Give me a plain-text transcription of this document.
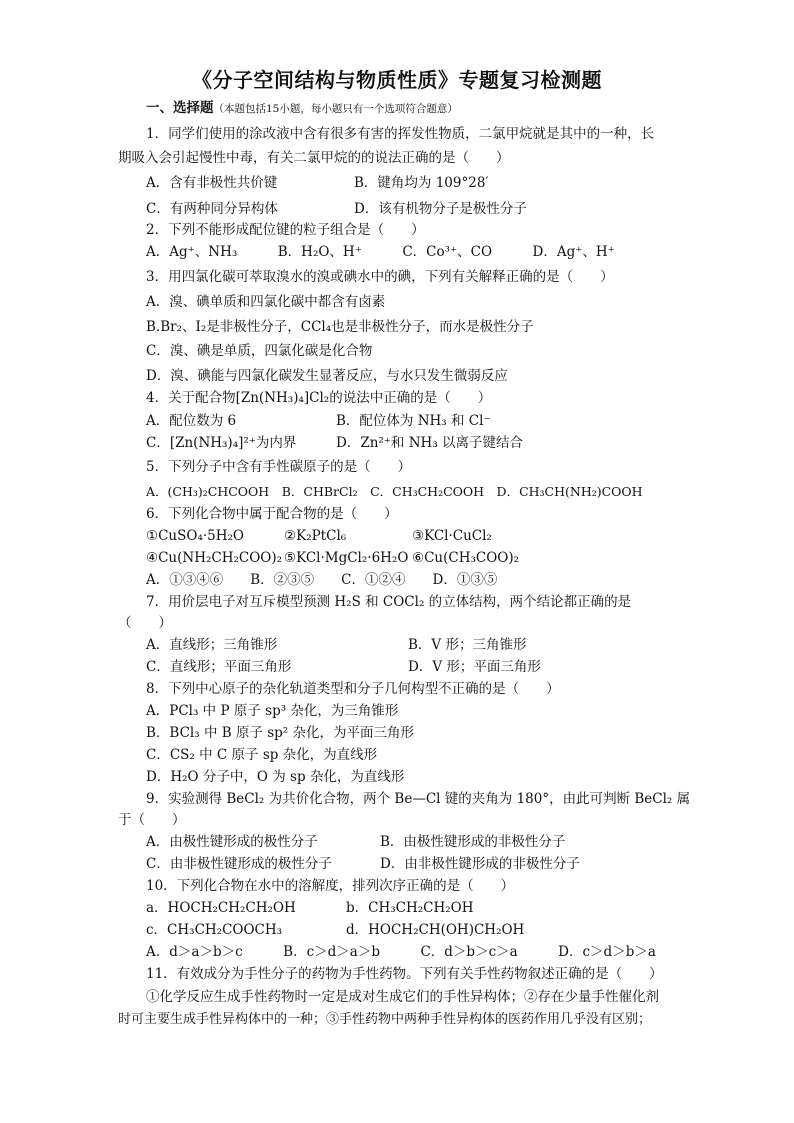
《分子空间结构与物质性质》专题复习检测题
一、选择题（本题包括15小题，每小题只有一个选项符合题意）
1．同学们使用的涂改液中含有很多有害的挥发性物质，二氯甲烷就是其中的一种，长
期吸入会引起慢性中毒，有关二氯甲烷的的说法正确的是（　　）
A．含有非极性共价键	B．键角均为 109°28′
C．有两种同分异构体	D．该有机物分子是极性分子
2．下列不能形成配位键的粒子组合是（　　）
A．Ag⁺、NH₃　　　B．H₂O、H⁺　　　C．Co³⁺、CO　　　D．Ag⁺、H⁺
3．用四氯化碳可萃取溴水的溴或碘水中的碘，下列有关解释正确的是（　　）
A．溴、碘单质和四氯化碳中都含有卤素
B.Br₂、I₂是非极性分子，CCl₄也是非极性分子，而水是极性分子
C．溴、碘是单质，四氯化碳是化合物
D．溴、碘能与四氯化碳发生显著反应，与水只发生微弱反应
4．关于配合物[Zn(NH₃)₄]Cl₂的说法中正确的是（　　）
A．配位数为 6	B．配位体为 NH₃ 和 Cl⁻
C．[Zn(NH₃)₄]²⁺为内界	D．Zn²⁺和 NH₃ 以离子键结合
5．下列分子中含有手性碳原子的是（　　）
A．(CH₃)₂CHCOOH　B．CHBrCl₂　C．CH₃CH₂COOH　D．CH₃CH(NH₂)COOH
6．下列化合物中属于配合物的是（　　）
①CuSO₄·5H₂O	②K₂PtCl₆	③KCl·CuCl₂
④Cu(NH₂CH₂COO)₂ ⑤KCl·MgCl₂·6H₂O ⑥Cu(CH₃COO)₂
A．①③④⑥　　B．②③⑤　　C．①②④　　D．①③⑤
7．用价层电子对互斥模型预测 H₂S 和 COCl₂ 的立体结构，两个结论都正确的是
（　　）
A．直线形；三角锥形	B．V 形；三角锥形
C．直线形；平面三角形	D．V 形；平面三角形
8．下列中心原子的杂化轨道类型和分子几何构型不正确的是（　　）
A．PCl₃ 中 P 原子 sp³ 杂化，为三角锥形
B．BCl₃ 中 B 原子 sp² 杂化，为平面三角形
C．CS₂ 中 C 原子 sp 杂化，为直线形
D．H₂O 分子中，O 为 sp 杂化，为直线形
9．实验测得 BeCl₂ 为共价化合物，两个 Be—Cl 键的夹角为 180°，由此可判断 BeCl₂ 属
于（　　）
A．由极性键形成的极性分子	B．由极性键形成的非极性分子
C．由非极性键形成的极性分子	D．由非极性键形成的非极性分子
10．下列化合物在水中的溶解度，排列次序正确的是（　　）
a．HOCH₂CH₂CH₂OH	b．CH₃CH₂CH₂OH
c．CH₃CH₂COOCH₃	d．HOCH₂CH(OH)CH₂OH
A．d＞a＞b＞c　　　B．c＞d＞a＞b　　　C．d＞b＞c＞a　　　D．c＞d＞b＞a
11．有效成分为手性分子的药物为手性药物。下列有关手性药物叙述正确的是（　　）
①化学反应生成手性药物时一定是成对生成它们的手性异构体；②存在少量手性催化剂
时可主要生成手性异构体中的一种；③手性药物中两种手性异构体的医药作用几乎没有区别；
